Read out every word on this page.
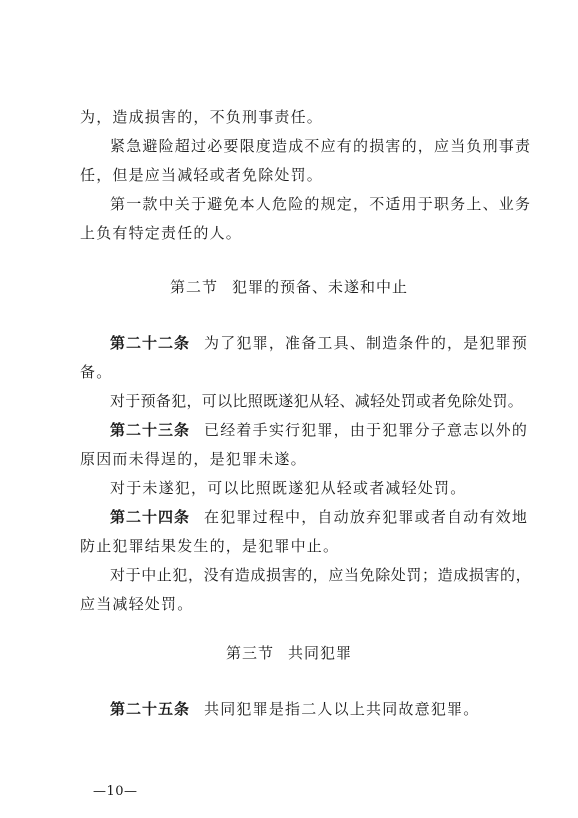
为，造成损害的，不负刑事责任。
紧急避险超过必要限度造成不应有的损害的，应当负刑事责
任，但是应当减轻或者免除处罚。
第一款中关于避免本人危险的规定，不适用于职务上、业务
上负有特定责任的人。
第二节 犯罪的预备、未遂和中止
第二十二条 为了犯罪，准备工具、制造条件的，是犯罪预
备。
对于预备犯，可以比照既遂犯从轻、减轻处罚或者免除处罚。
第二十三条 已经着手实行犯罪，由于犯罪分子意志以外的
原因而未得逞的，是犯罪未遂。
对于未遂犯，可以比照既遂犯从轻或者减轻处罚。
第二十四条 在犯罪过程中，自动放弃犯罪或者自动有效地
防止犯罪结果发生的，是犯罪中止。
对于中止犯，没有造成损害的，应当免除处罚；造成损害的，
应当减轻处罚。
第三节 共同犯罪
第二十五条 共同犯罪是指二人以上共同故意犯罪。
—10—
